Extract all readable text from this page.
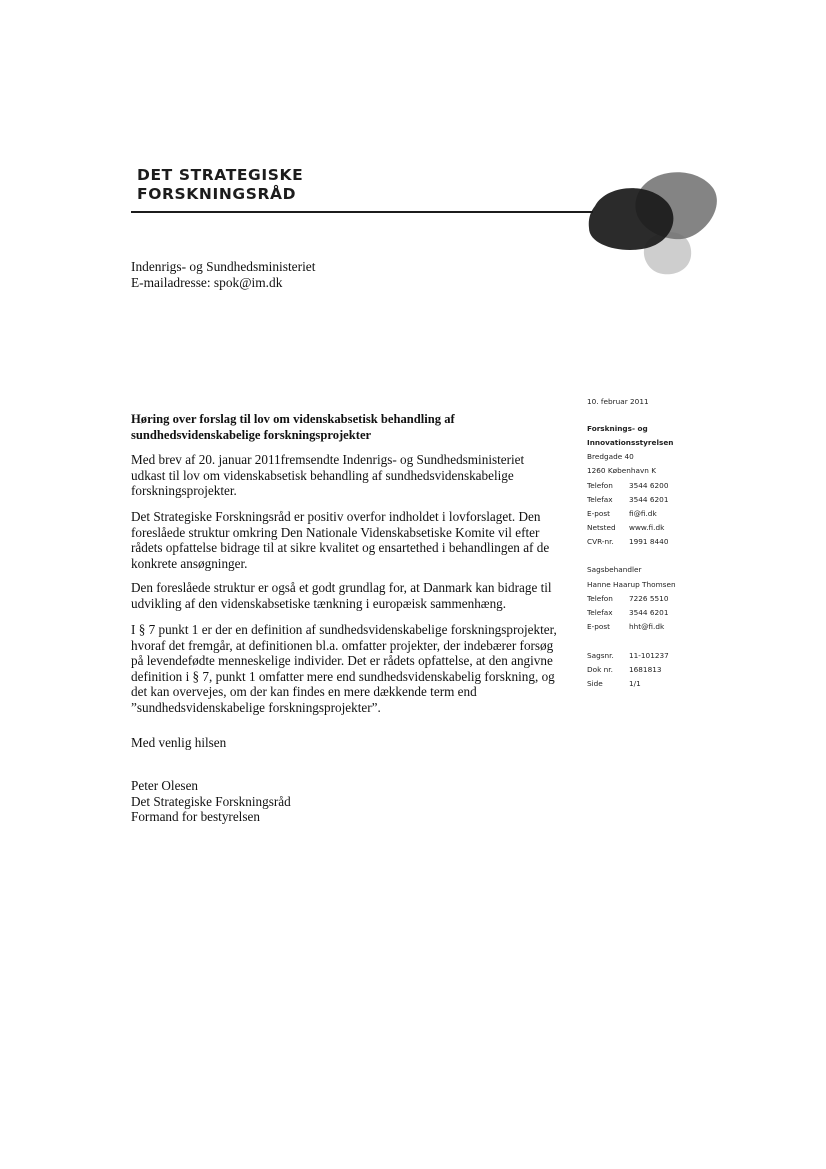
DET STRATEGISKE
FORSKNINGSRÅD
Indenrigs- og Sundhedsministeriet
E-mailadresse: spok@im.dk
Høring over forslag til lov om videnskabsetisk behandling af
sundhedsvidenskabelige forskningsprojekter
Med brev af 20. januar 2011fremsendte Indenrigs- og Sundhedsministeriet
udkast til lov om videnskabsetisk behandling af sundhedsvidenskabelige
forskningsprojekter.
Det Strategiske Forskningsråd er positiv overfor indholdet i lovforslaget. Den
foreslåede struktur omkring Den Nationale Videnskabsetiske Komite vil efter
rådets opfattelse bidrage til at sikre kvalitet og ensartethed i behandlingen af de
konkrete ansøgninger.
Den foreslåede struktur er også et godt grundlag for, at Danmark kan bidrage til
udvikling af den videnskabsetiske tænkning i europæisk sammenhæng.
I § 7 punkt 1 er der en definition af sundhedsvidenskabelige forskningsprojekter,
hvoraf det fremgår, at definitionen bl.a. omfatter projekter, der indebærer forsøg
på levendefødte menneskelige individer. Det er rådets opfattelse, at den angivne
definition i § 7, punkt 1 omfatter mere end sundhedsvidenskabelig forskning, og
det kan overvejes, om der kan findes en mere dækkende term end
”sundhedsvidenskabelige forskningsprojekter”.
Med venlig hilsen
Peter Olesen
Det Strategiske Forskningsråd
Formand for bestyrelsen
10. februar 2011
Forsknings- og
Innovationsstyrelsen
Bredgade 40
1260 København K
Telefon 3544 6200
Telefax 3544 6201
E-post	fi@fi.dk
Netsted www.fi.dk
CVR-nr. 1991 8440
Sagsbehandler
Hanne Haarup Thomsen
Telefon 7226 5510
Telefax 3544 6201
E-post	hht@fi.dk
Sagsnr. 11-101237
Dok nr. 1681813
Side	1/1
